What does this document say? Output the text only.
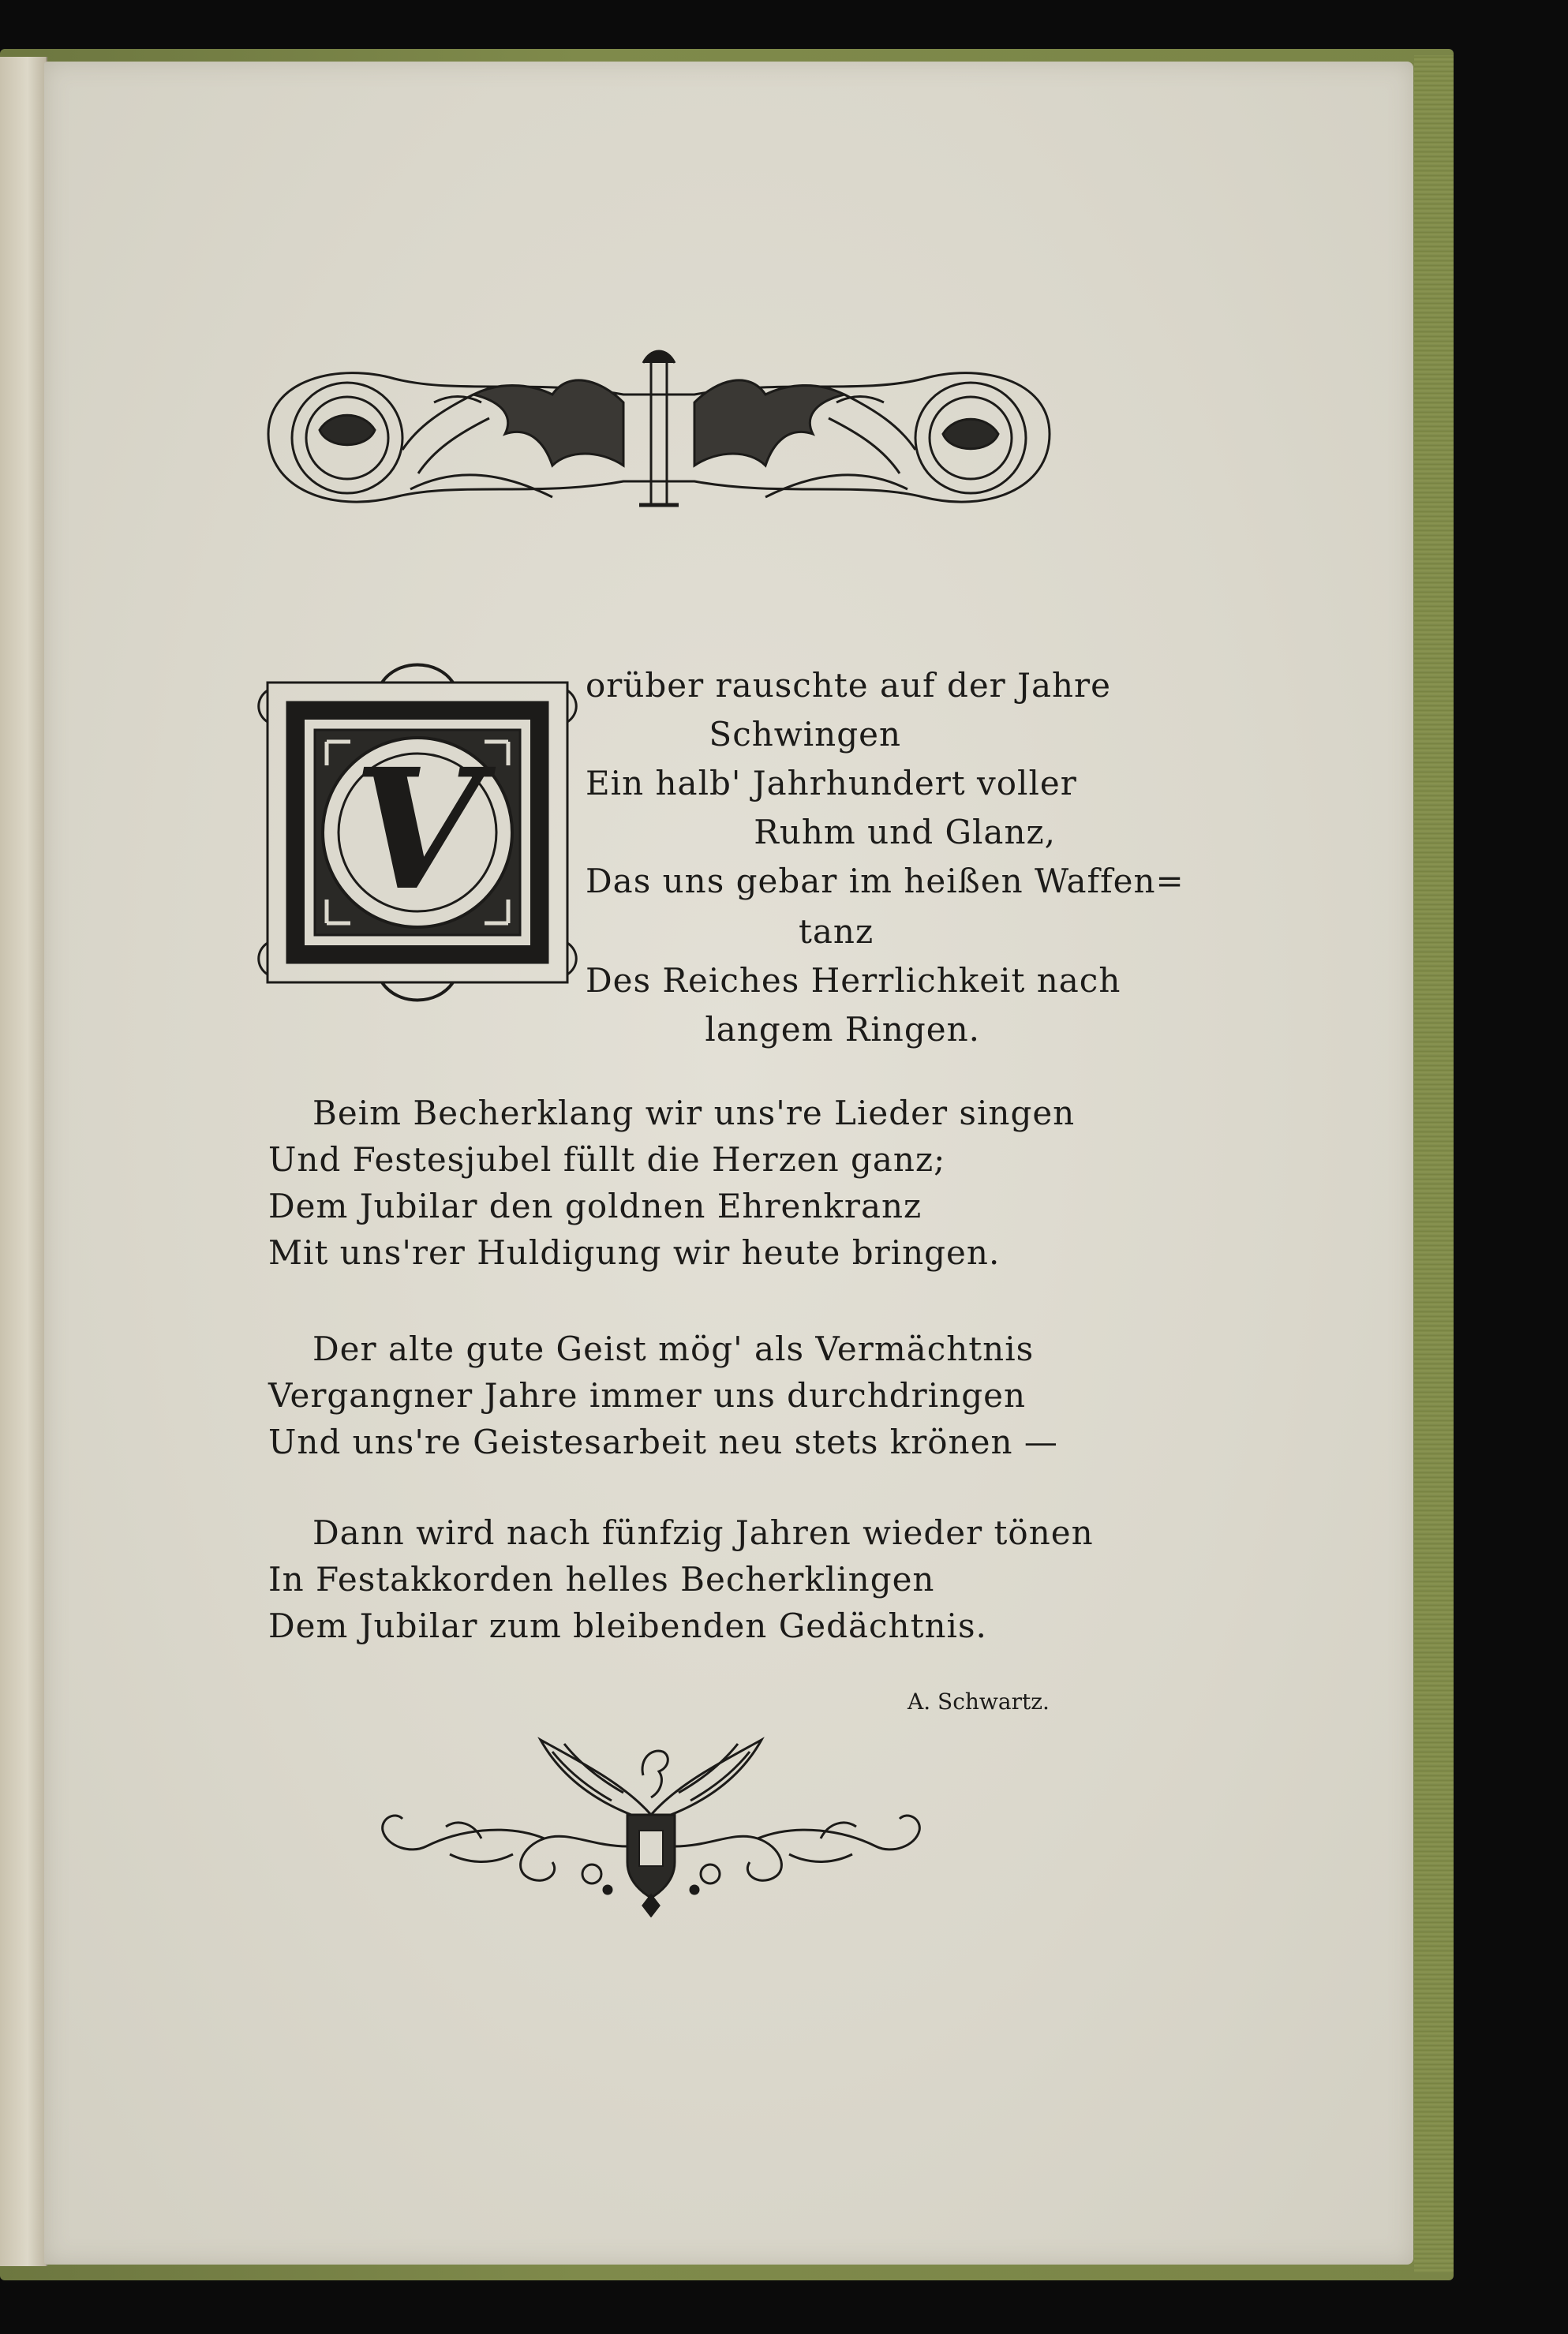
V
orüber rauschte auf der Jahre
Schwingen
Ein halb' Jahrhundert voller
Ruhm und Glanz,
Das uns gebar im heißen Waffen=
tanz
Des Reiches Herrlichkeit nach
langem Ringen.
Beim Becherklang wir uns're Lieder singen
Und Festesjubel füllt die Herzen ganz;
Dem Jubilar den goldnen Ehrenkranz
Mit uns'rer Huldigung wir heute bringen.
Der alte gute Geist mög' als Vermächtnis
Vergangner Jahre immer uns durchdringen
Und uns're Geistesarbeit neu stets krönen —
Dann wird nach fünfzig Jahren wieder tönen
In Festakkorden helles Becherklingen
Dem Jubilar zum bleibenden Gedächtnis.
A. Schwartz.
